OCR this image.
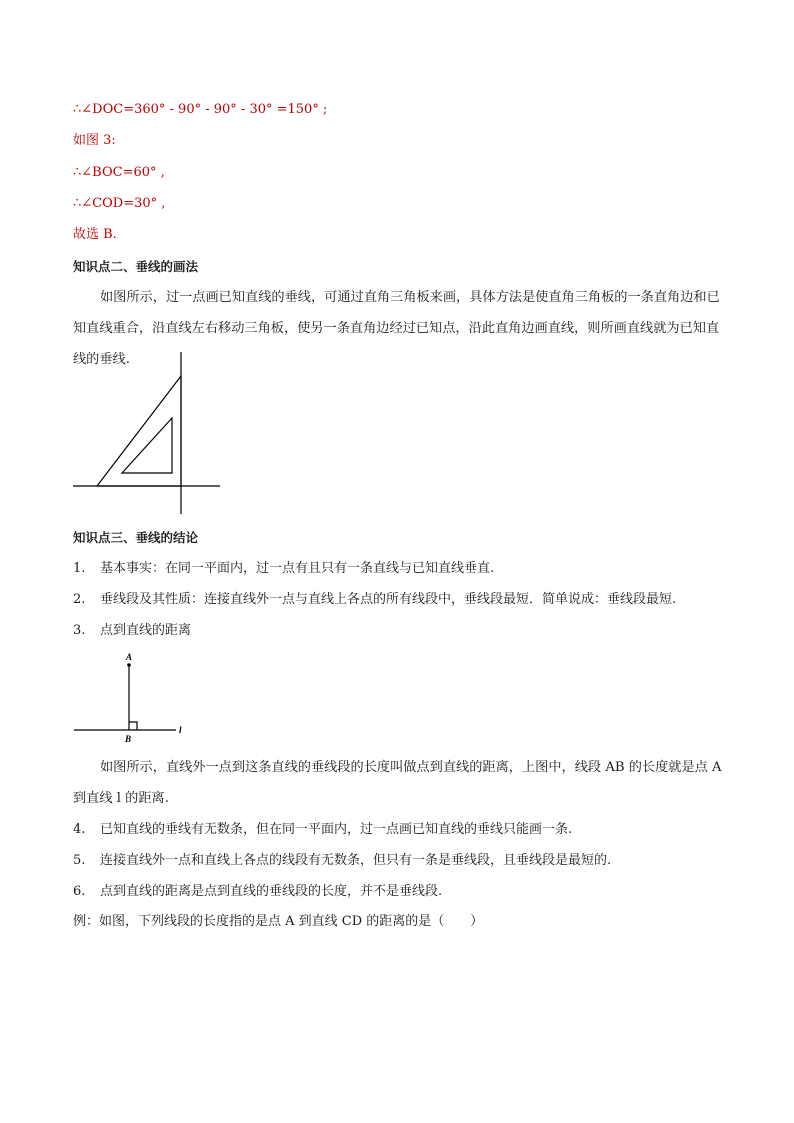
∴∠DOC=360° - 90° - 90° - 30° =150° ;
如图 3:
∴∠BOC=60° ,
∴∠COD=30° ,
故选 B.
知识点二、垂线的画法
如图所示，过一点画已知直线的垂线，可通过直角三角板来画，具体方法是使直角三角板的一条直角边和已知直线重合，沿直线左右移动三角板，使另一条直角边经过已知点，沿此直角边画直线，则所画直线就为已知直线的垂线.
知识点三、垂线的结论
1. 基本事实：在同一平面内，过一点有且只有一条直线与已知直线垂直.
2. 垂线段及其性质：连接直线外一点与直线上各点的所有线段中，垂线段最短．简单说成：垂线段最短.
3. 点到直线的距离
A
B
l
如图所示，直线外一点到这条直线的垂线段的长度叫做点到直线的距离，上图中，线段 AB 的长度就是点 A 到直线 l 的距离.
4. 已知直线的垂线有无数条，但在同一平面内，过一点画已知直线的垂线只能画一条.
5. 连接直线外一点和直线上各点的线段有无数条，但只有一条是垂线段，且垂线段是最短的.
6. 点到直线的距离是点到直线的垂线段的长度，并不是垂线段.
例：如图，下列线段的长度指的是点 A 到直线 CD 的距离的是（　　）
